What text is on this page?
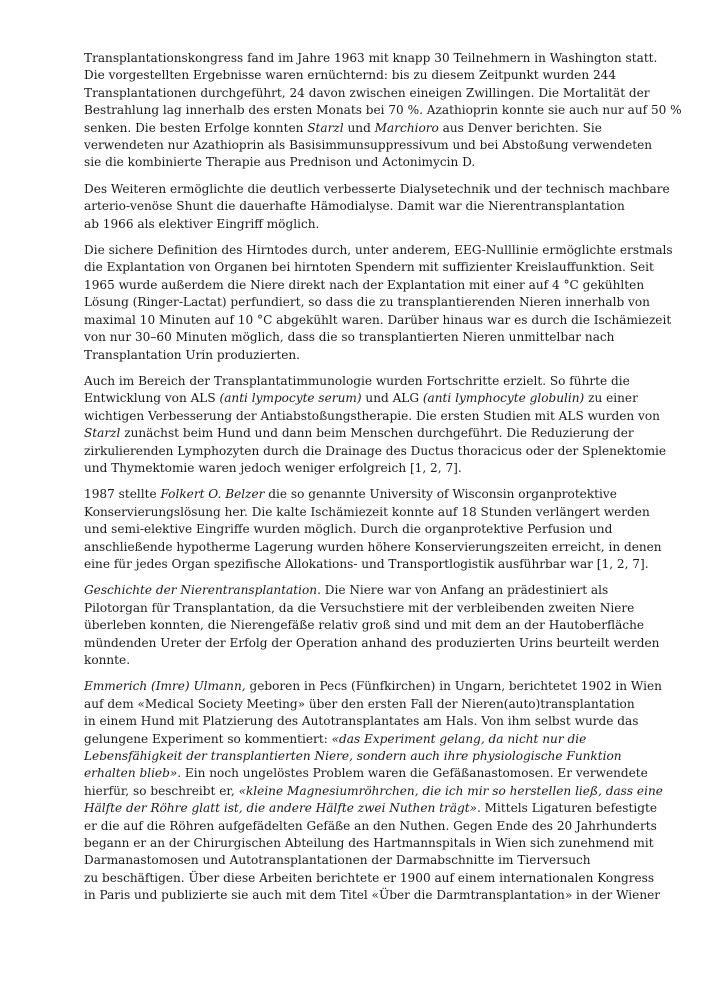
Transplantationskongress fand im Jahre 1963 mit knapp 30 Teilnehmern in Washington statt.
Die vorgestellten Ergebnisse waren ernüchternd: bis zu diesem Zeitpunkt wurden 244
Transplantationen durchgeführt, 24 davon zwischen eineigen Zwillingen. Die Mortalität der
Bestrahlung lag innerhalb des ersten Monats bei 70 %. Azathioprin konnte sie auch nur auf 50 %
senken. Die besten Erfolge konnten Starzl und Marchioro aus Denver berichten. Sie
verwendeten nur Azathioprin als Basisimmunsuppressivum und bei Abstoßung verwendeten
sie die kombinierte Therapie aus Prednison und Actonimycin D.

Des Weiteren ermöglichte die deutlich verbesserte Dialysetechnik und der technisch machbare
arterio-venöse Shunt die dauerhafte Hämodialyse. Damit war die Nierentransplantation
ab 1966 als elektiver Eingriff möglich.

Die sichere Definition des Hirntodes durch, unter anderem, EEG-Nulllinie ermöglichte erstmals
die Explantation von Organen bei hirntoten Spendern mit suffizienter Kreislauffunktion. Seit
1965 wurde außerdem die Niere direkt nach der Explantation mit einer auf 4 °C gekühlten
Lösung (Ringer-Lactat) perfundiert, so dass die zu transplantierenden Nieren innerhalb von
maximal 10 Minuten auf 10 °C abgekühlt waren. Darüber hinaus war es durch die Ischämiezeit
von nur 30–60 Minuten möglich, dass die so transplantierten Nieren unmittelbar nach
Transplantation Urin produzierten.

Auch im Bereich der Transplantatimmunologie wurden Fortschritte erzielt. So führte die
Entwicklung von ALS (anti lympocyte serum) und ALG (anti lymphocyte globulin) zu einer
wichtigen Verbesserung der Antiabstoßungstherapie. Die ersten Studien mit ALS wurden von
Starzl zunächst beim Hund und dann beim Menschen durchgeführt. Die Reduzierung der
zirkulierenden Lymphozyten durch die Drainage des Ductus thoracicus oder der Splenektomie
und Thymektomie waren jedoch weniger erfolgreich [1, 2, 7].

1987 stellte Folkert O. Belzer die so genannte University of Wisconsin organprotektive
Konservierungslösung her. Die kalte Ischämiezeit konnte auf 18 Stunden verlängert werden
und semi-elektive Eingriffe wurden möglich. Durch die organprotektive Perfusion und
anschließende hypotherme Lagerung wurden höhere Konservierungszeiten erreicht, in denen
eine für jedes Organ spezifische Allokations- und Transportlogistik ausführbar war [1, 2, 7].

Geschichte der Nierentransplantation. Die Niere war von Anfang an prädestiniert als
Pilotorgan für Transplantation, da die Versuchstiere mit der verbleibenden zweiten Niere
überleben konnten, die Nierengefäße relativ groß sind und mit dem an der Hautoberfläche
mündenden Ureter der Erfolg der Operation anhand des produzierten Urins beurteilt werden
konnte.

Emmerich (Imre) Ulmann, geboren in Pecs (Fünfkirchen) in Ungarn, berichtetet 1902 in Wien
auf dem «Medical Society Meeting» über den ersten Fall der Nieren(auto)transplantation
in einem Hund mit Platzierung des Autotransplantates am Hals. Von ihm selbst wurde das
gelungene Experiment so kommentiert: «das Experiment gelang, da nicht nur die
Lebensfähigkeit der transplantierten Niere, sondern auch ihre physiologische Funktion
erhalten blieb». Ein noch ungelöstes Problem waren die Gefäßanastomosen. Er verwendete
hierfür, so beschreibt er, «kleine Magnesiumröhrchen, die ich mir so herstellen ließ, dass eine
Hälfte der Röhre glatt ist, die andere Hälfte zwei Nuthen trägt». Mittels Ligaturen befestigte
er die auf die Röhren aufgefädelten Gefäße an den Nuthen. Gegen Ende des 20 Jahrhunderts
begann er an der Chirurgischen Abteilung des Hartmannspitals in Wien sich zunehmend mit
Darmanastomosen und Autotransplantationen der Darmabschnitte im Tierversuch
zu beschäftigen. Über diese Arbeiten berichtete er 1900 auf einem internationalen Kongress
in Paris und publizierte sie auch mit dem Titel «Über die Darmtransplantation» in der Wiener
